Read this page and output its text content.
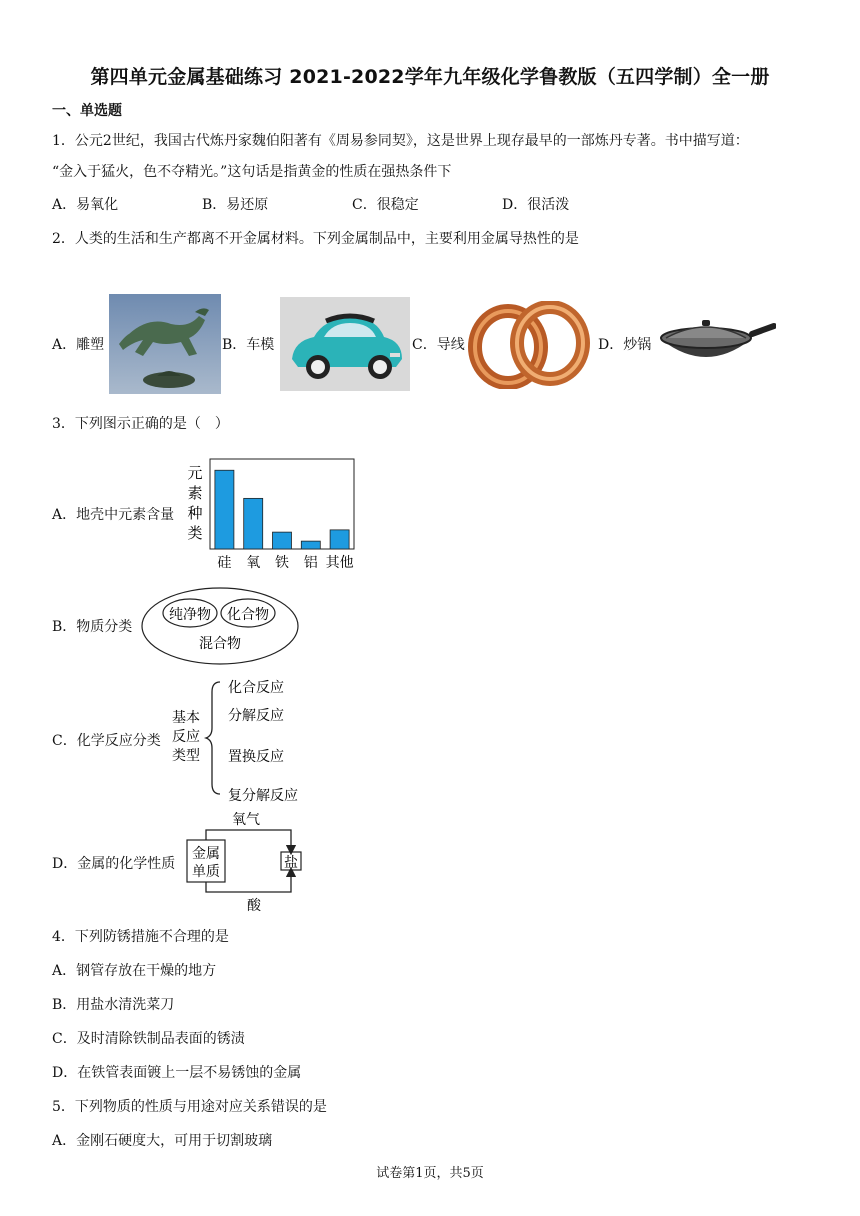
第四单元金属基础练习 2021-2022学年九年级化学鲁教版（五四学制）全一册
一、单选题
1．公元2世纪，我国古代炼丹家魏伯阳著有《周易参同契》，这是世界上现存最早的一部炼丹专著。书中描写道：
“金入于猛火，色不夺精光。”这句话是指黄金的性质在强热条件下
A．易氧化	B．易还原	C．很稳定	D．很活泼
2．人类的生活和生产都离不开金属材料。下列金属制品中，主要利用金属导热性的是
A．雕塑	B．车模	C．导线	D．炒锅
3．下列图示正确的是（　）
A．地壳中元素含量
B．物质分类
C．化学反应分类
D．金属的化学性质
元
素
种
类
硅 氧 铁 铝 其他
纯净物 化合物
混合物
基本
反应
类型
化合反应
分解反应
置换反应
复分解反应
氧气
金属
单质
盐
酸
4．下列防锈措施不合理的是
A．钢管存放在干燥的地方
B．用盐水清洗菜刀
C．及时清除铁制品表面的锈渍
D．在铁管表面镀上一层不易锈蚀的金属
5．下列物质的性质与用途对应关系错误的是
A．金刚石硬度大，可用于切割玻璃
试卷第1页，共5页
